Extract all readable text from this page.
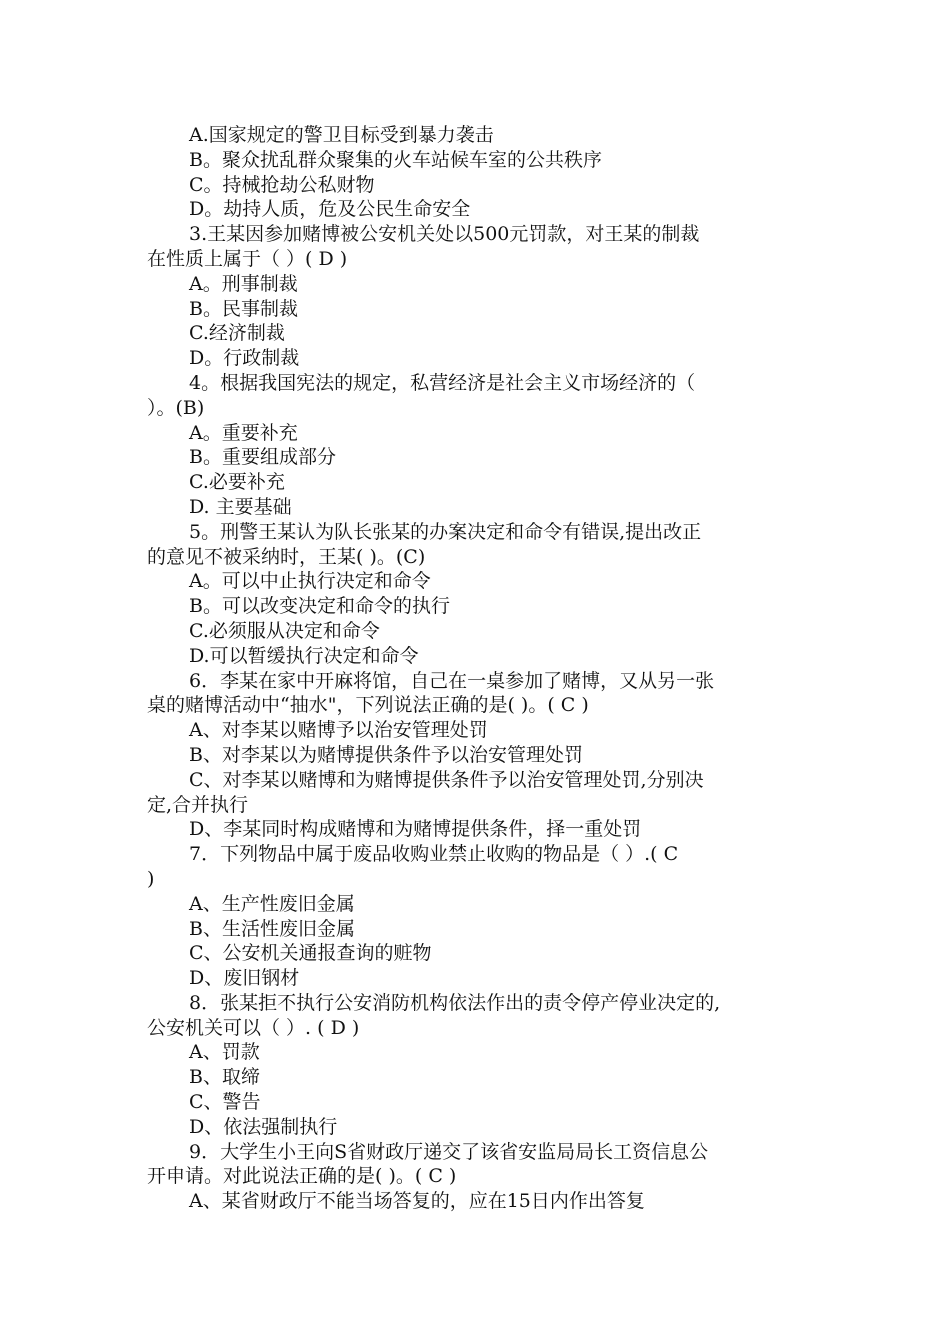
A.国家规定的警卫目标受到暴力袭击
B。聚众扰乱群众聚集的火车站候车室的公共秩序
C。持械抢劫公私财物
D。劫持人质，危及公民生命安全
3.王某因参加赌博被公安机关处以500元罚款，对王某的制裁
在性质上属于（ ）( D )
A。刑事制裁
B。民事制裁
C.经济制裁
D。行政制裁
4。根据我国宪法的规定，私营经济是社会主义市场经济的（
）。(B)
A。重要补充
B。重要组成部分
C.必要补充
D. 主要基础
5。刑警王某认为队长张某的办案决定和命令有错误,提出改正
的意见不被采纳时，王某( )。(C)
A。可以中止执行决定和命令
B。可以改变决定和命令的执行
C.必须服从决定和命令
D.可以暂缓执行决定和命令
6．李某在家中开麻将馆，自己在一桌参加了赌博，又从另一张
桌的赌博活动中“抽水"，下列说法正确的是( )。( C )
A、对李某以赌博予以治安管理处罚
B、对李某以为赌博提供条件予以治安管理处罚
C、对李某以赌博和为赌博提供条件予以治安管理处罚,分别决
定,合并执行
D、李某同时构成赌博和为赌博提供条件，择一重处罚
7．下列物品中属于废品收购业禁止收购的物品是（ ）.( C
)
A、生产性废旧金属
B、生活性废旧金属
C、公安机关通报查询的赃物
D、废旧钢材
8．张某拒不执行公安消防机构依法作出的责令停产停业决定的,
公安机关可以（ ）. ( D )
A、罚款
B、取缔
C、警告
D、依法强制执行
9．大学生小王向S省财政厅递交了该省安监局局长工资信息公
开申请。对此说法正确的是( )。( C )
A、某省财政厅不能当场答复的，应在15日内作出答复
